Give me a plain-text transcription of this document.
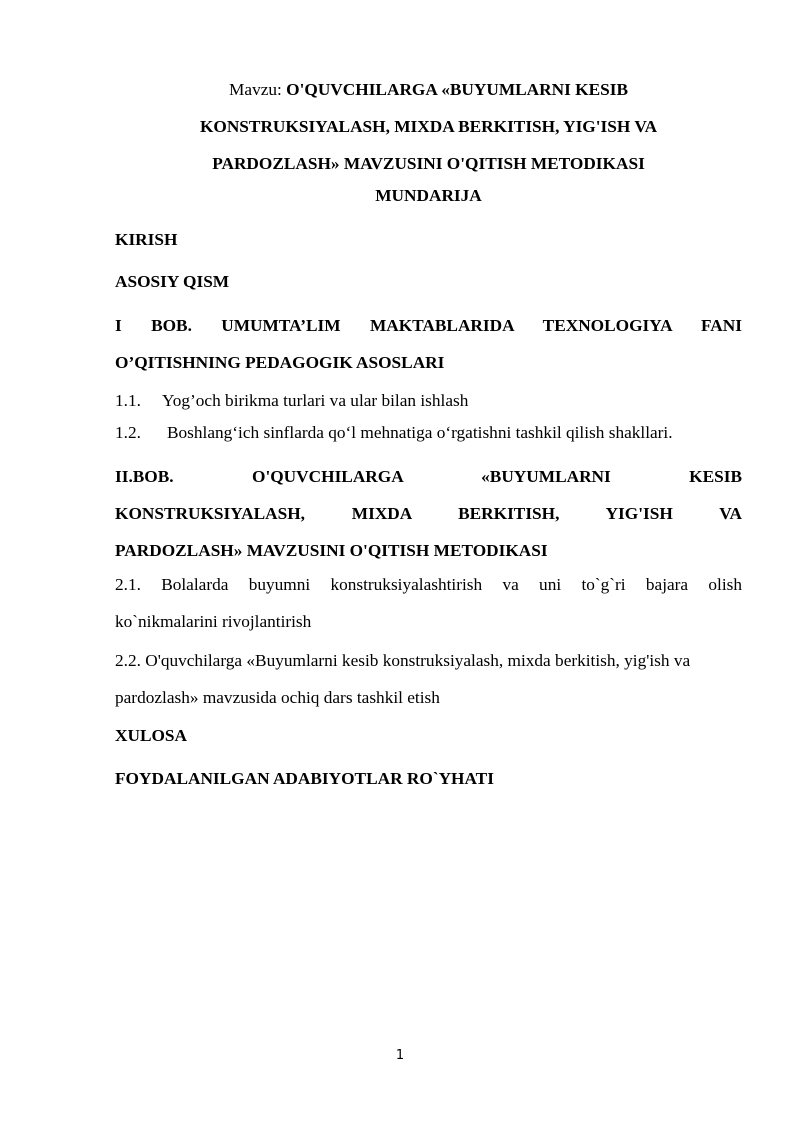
Mavzu: O'QUVCHILARGA «BUYUMLARNI KESIB
KONSTRUKSIYALASH, MIXDA BERKITISH, YIG'ISH VA
PARDOZLASH» MAVZUSINI O'QITISH METODIKASI
MUNDARIJA
KIRISH
ASOSIY QISM
I BOB. UMUMTA’LIM MAKTABLARIDA TEXNOLOGIYA FANI
O’QITISHNING PEDAGOGIK ASOSLARI
1.1. Yog’och birikma turlari va ular bilan ishlash
1.2. Boshlang‘ich sinflarda qo‘l mehnatiga o‘rgatishni tashkil qilish shakllari.
II.BOB.	O'QUVCHILARGA	«BUYUMLARNI	KESIB
KONSTRUKSIYALASH,	MIXDA	BERKITISH,	YIG'ISH	VA
PARDOZLASH» MAVZUSINI O'QITISH METODIKASI
2.1. Bolalarda buyumni konstruksiyalashtirish va uni to`g`ri bajara olish
ko`nikmalarini rivojlantirish
2.2. O'quvchilarga «Buyumlarni kesib konstruksiyalash, mixda berkitish, yig'ish va
pardozlash» mavzusida ochiq dars tashkil etish
XULOSA
FOYDALANILGAN ADABIYOTLAR RO`YHATI
1
